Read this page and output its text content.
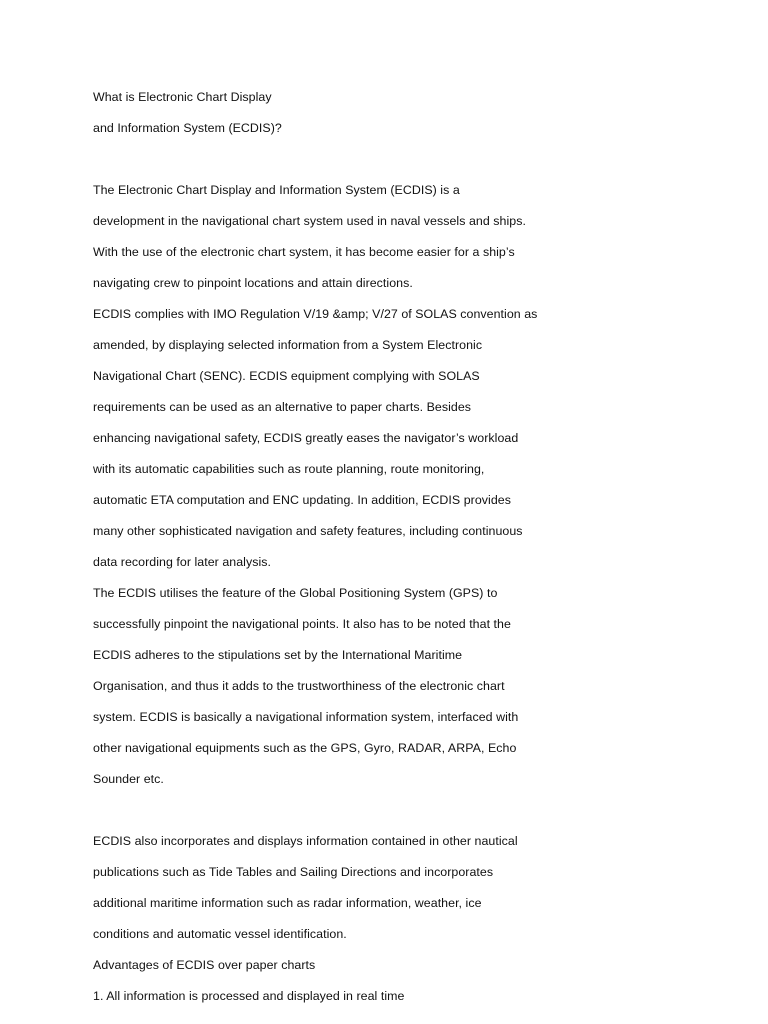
What is Electronic Chart Display

and Information System (ECDIS)?

The Electronic Chart Display and Information System (ECDIS) is a

development in the navigational chart system used in naval vessels and ships.

With the use of the electronic chart system, it has become easier for a ship’s

navigating crew to pinpoint locations and attain directions.

ECDIS complies with IMO Regulation V/19 &amp; V/27 of SOLAS convention as

amended, by displaying selected information from a System Electronic

Navigational Chart (SENC). ECDIS equipment complying with SOLAS

requirements can be used as an alternative to paper charts. Besides

enhancing navigational safety, ECDIS greatly eases the navigator’s workload

with its automatic capabilities such as route planning, route monitoring,

automatic ETA computation and ENC updating. In addition, ECDIS provides

many other sophisticated navigation and safety features, including continuous

data recording for later analysis.

The ECDIS utilises the feature of the Global Positioning System (GPS) to

successfully pinpoint the navigational points. It also has to be noted that the

ECDIS adheres to the stipulations set by the International Maritime

Organisation, and thus it adds to the trustworthiness of the electronic chart

system. ECDIS is basically a navigational information system, interfaced with

other navigational equipments such as the GPS, Gyro, RADAR, ARPA, Echo

Sounder etc.

ECDIS also incorporates and displays information contained in other nautical

publications such as Tide Tables and Sailing Directions and incorporates

additional maritime information such as radar information, weather, ice

conditions and automatic vessel identification.

Advantages of ECDIS over paper charts

1. All information is processed and displayed in real time
